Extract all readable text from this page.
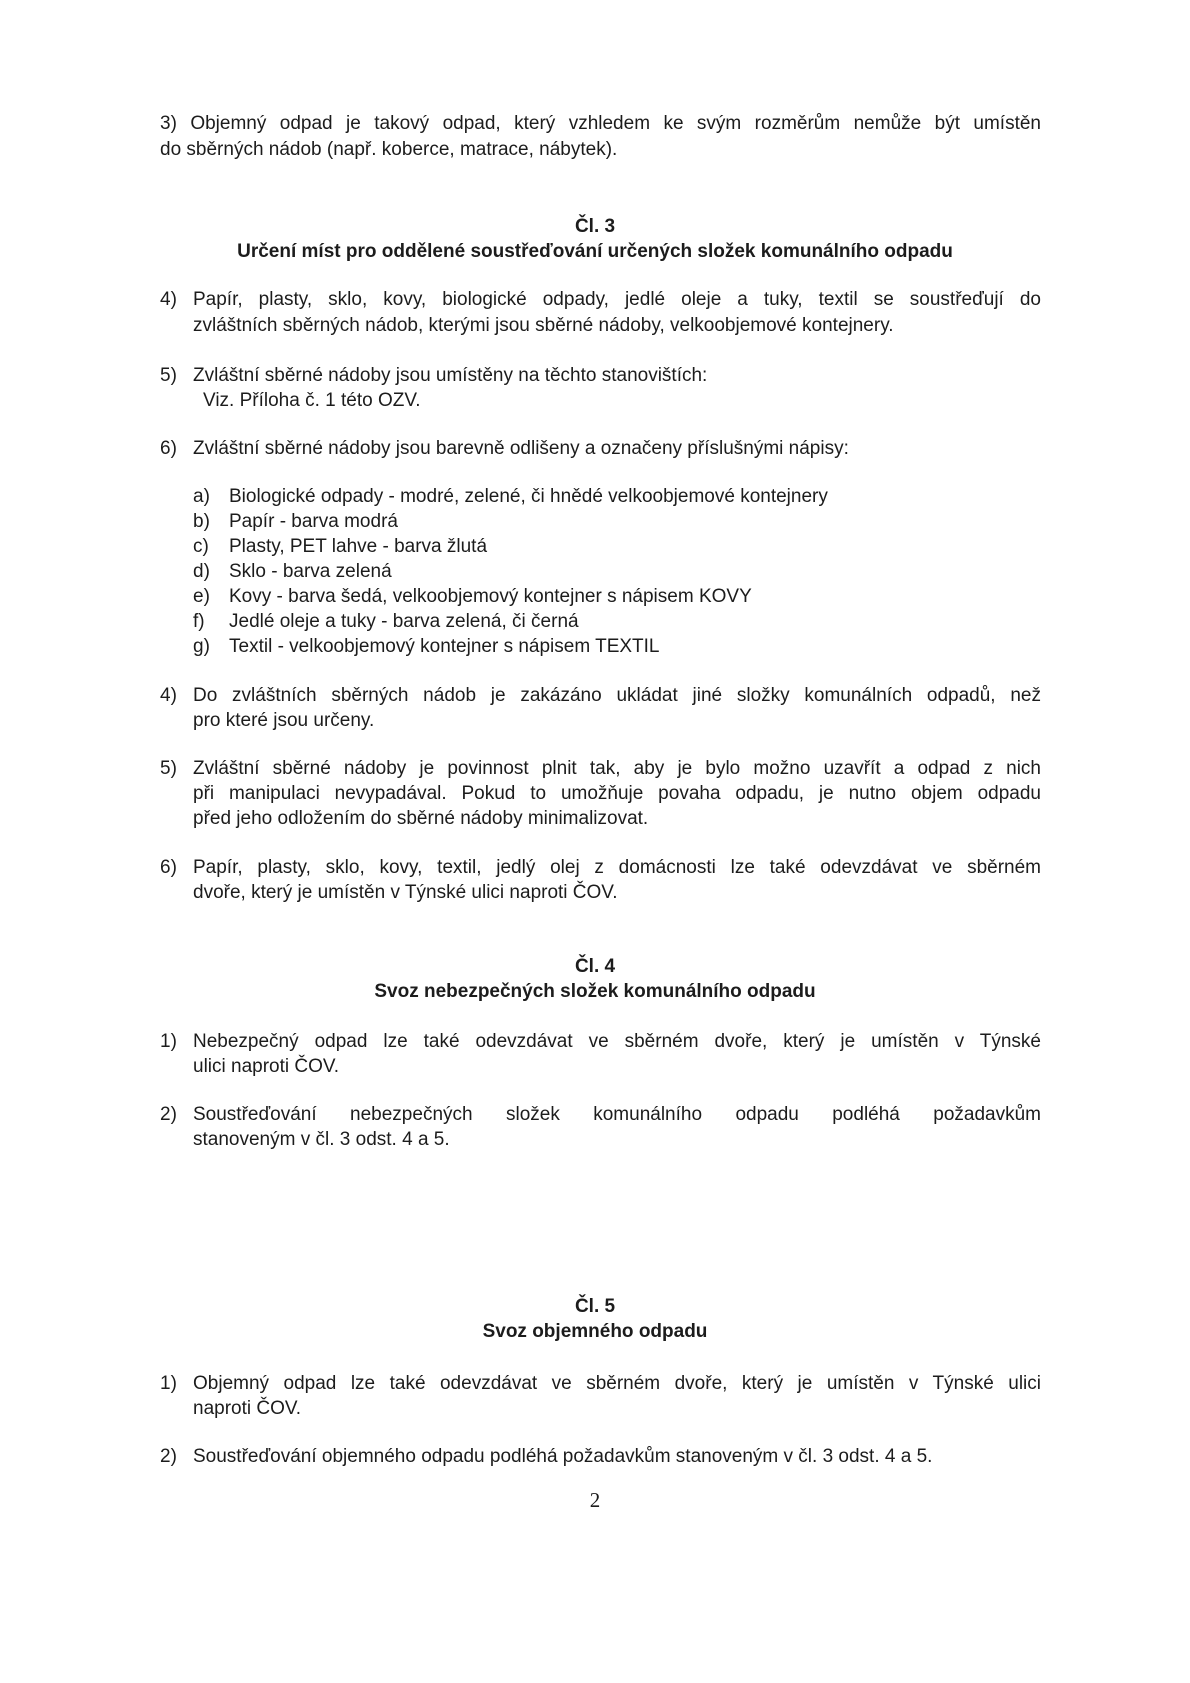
3) Objemný odpad je takový odpad, který vzhledem ke svým rozměrům nemůže být umístěn
do sběrných nádob (např. koberce, matrace, nábytek).
Čl. 3
Určení míst pro oddělené soustřeďování určených složek komunálního odpadu
4) Papír, plasty, sklo, kovy, biologické odpady, jedlé oleje a tuky, textil se soustřeďují do
zvláštních sběrných nádob, kterými jsou sběrné nádoby, velkoobjemové kontejnery.
5) Zvláštní sběrné nádoby jsou umístěny na těchto stanovištích:
Viz. Příloha č. 1 této OZV.
6) Zvláštní sběrné nádoby jsou barevně odlišeny a označeny příslušnými nápisy:
a) Biologické odpady - modré, zelené, či hnědé velkoobjemové kontejnery
b) Papír - barva modrá
c) Plasty, PET lahve - barva žlutá
d) Sklo - barva zelená
e) Kovy - barva šedá, velkoobjemový kontejner s nápisem KOVY
f) Jedlé oleje a tuky - barva zelená, či černá
g) Textil - velkoobjemový kontejner s nápisem TEXTIL
4) Do zvláštních sběrných nádob je zakázáno ukládat jiné složky komunálních odpadů, než
pro které jsou určeny.
5) Zvláštní sběrné nádoby je povinnost plnit tak, aby je bylo možno uzavřít a odpad z nich
při manipulaci nevypadával. Pokud to umožňuje povaha odpadu, je nutno objem odpadu
před jeho odložením do sběrné nádoby minimalizovat.
6) Papír, plasty, sklo, kovy, textil, jedlý olej z domácnosti lze také odevzdávat ve sběrném
dvoře, který je umístěn v Týnské ulici naproti ČOV.
Čl. 4
Svoz nebezpečných složek komunálního odpadu
1) Nebezpečný odpad lze také odevzdávat ve sběrném dvoře, který je umístěn v Týnské
ulici naproti ČOV.
2) Soustřeďování nebezpečných složek komunálního odpadu podléhá požadavkům
stanoveným v čl. 3 odst. 4 a 5.
Čl. 5
Svoz objemného odpadu
1) Objemný odpad lze také odevzdávat ve sběrném dvoře, který je umístěn v Týnské ulici
naproti ČOV.
2) Soustřeďování objemného odpadu podléhá požadavkům stanoveným v čl. 3 odst. 4 a 5.
2
